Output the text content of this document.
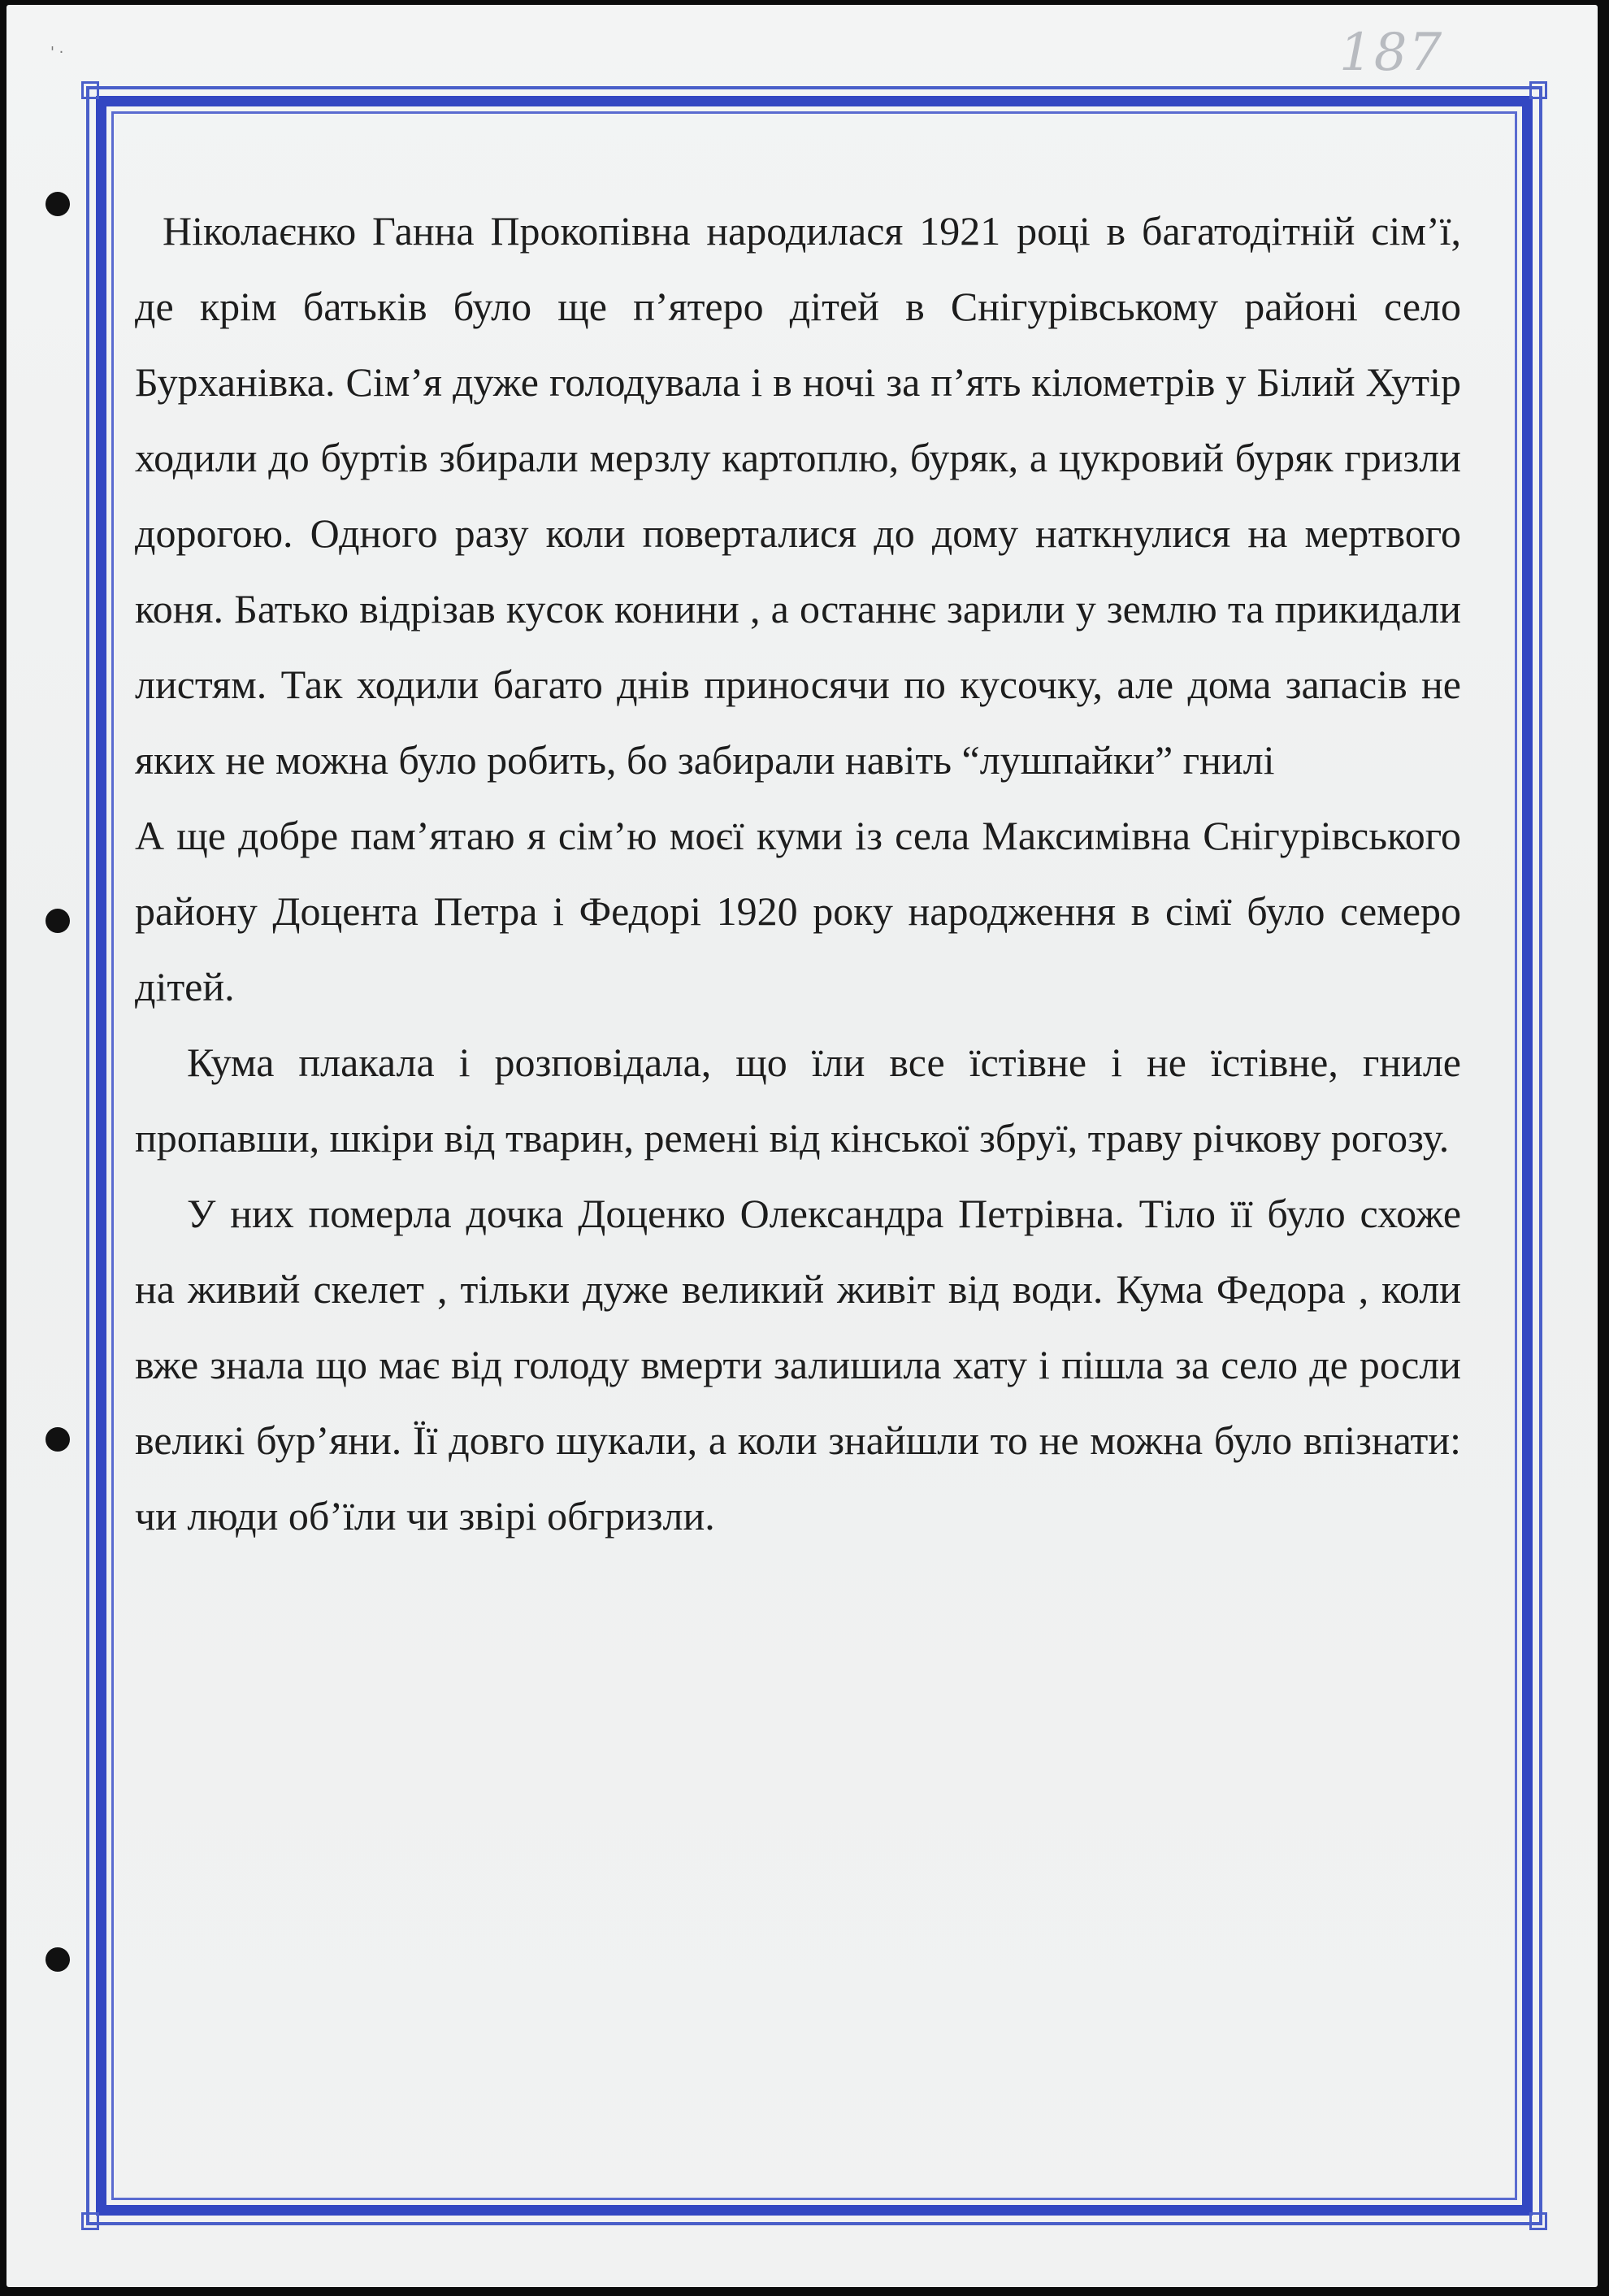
' ·	187

Ніколаєнко Ганна Прокопівна народилася 1921 році в багатодітній сім’ї, де крім батьків було ще п’ятеро дітей в Снігурівському районі село Бурханівка. Сім’я дуже голодувала і в ночі за п’ять кілометрів у Білий Хутір ходили до буртів збирали мерзлу картоплю, буряк, а цукровий буряк гризли дорогою. Одного разу коли поверталися до дому наткнулися на мертвого коня. Батько відрізав кусок конини , а останнє зарили у землю та прикидали листям. Так ходили багато днів приносячи по кусочку, але дома запасів не яких не можна було робить, бо забирали навіть “лушпайки” гнилі

А ще добре пам’ятаю я сім’ю моєї куми із села Максимівна Снігурівського району Доцента Петра і Федорі 1920 року народження в сімї було семеро дітей.

Кума плакала і розповідала, що їли все їстівне і не їстівне, гниле пропавши, шкіри від тварин, ремені від кінської збруї, траву річкову рогозу.

У них померла дочка Доценко Олександра Петрівна. Тіло її було схоже на живий скелет , тільки дуже великий живіт від води. Кума Федора , коли вже знала що має від голоду вмерти залишила хату і пішла за село де росли великі бур’яни. Її довго шукали, а коли знайшли то не можна було впізнати: чи люди об’їли чи звірі обгризли.
